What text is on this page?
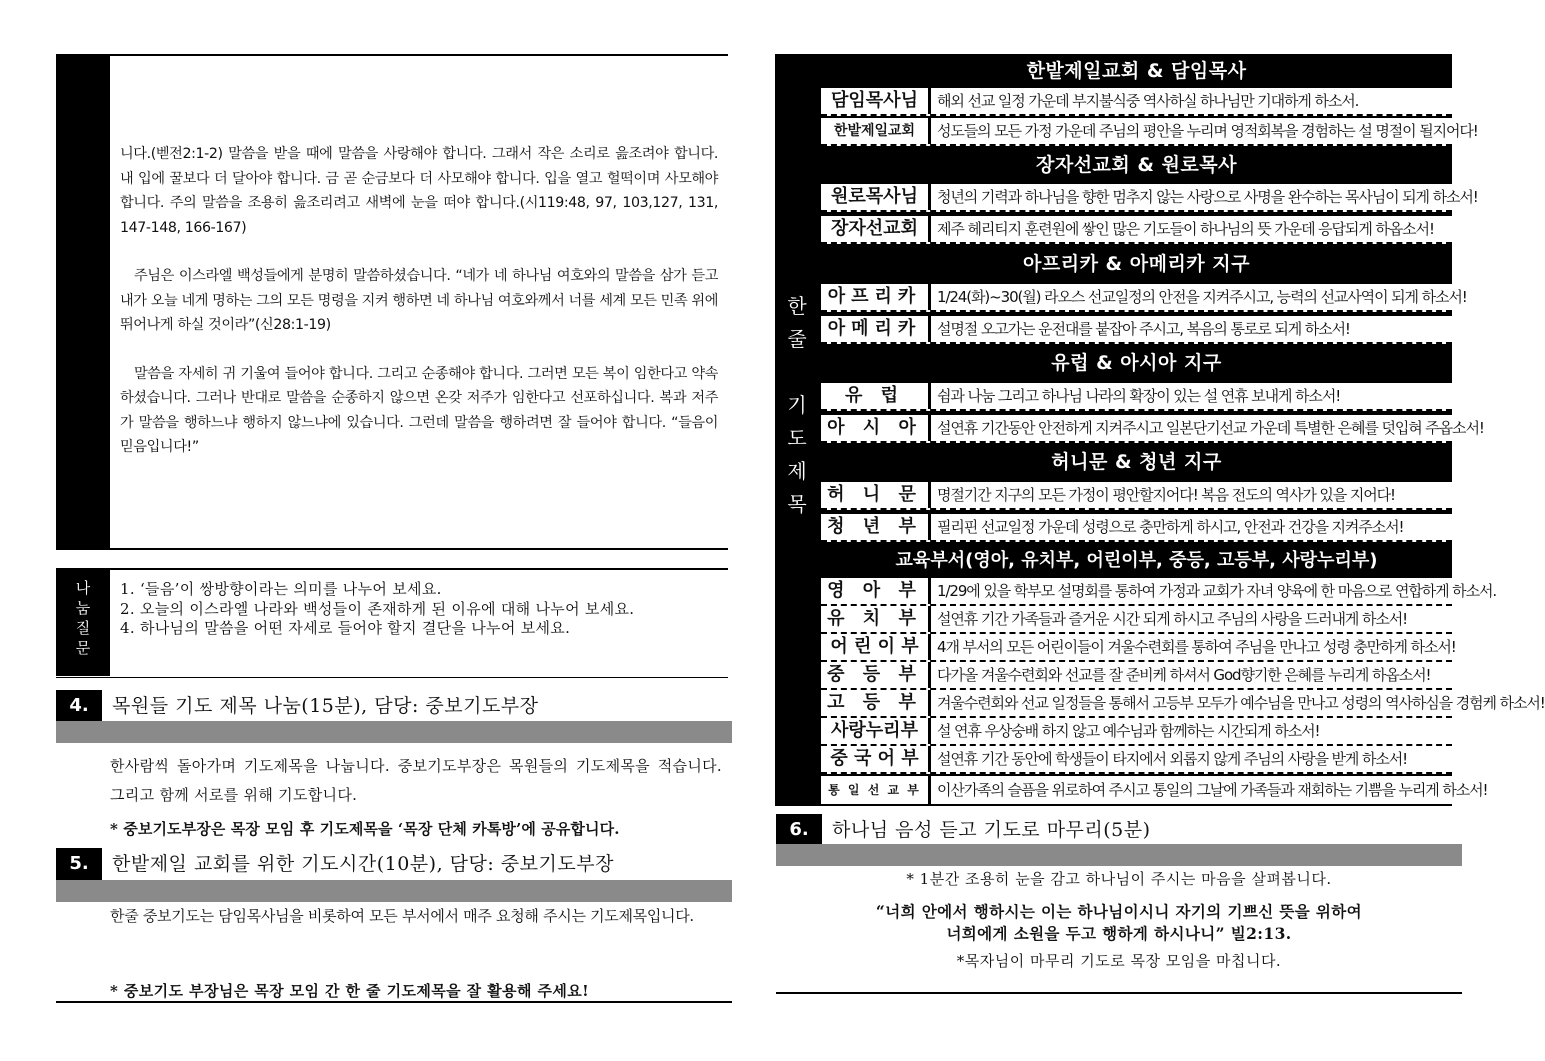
니다.(벧전2:1-2) 말씀을 받을 때에 말씀을 사랑해야 합니다. 그래서 작은 소리로 읊조려야 합니다. 내 입에 꿀보다 더 달아야 합니다. 금 곧 순금보다 더 사모해야 합니다. 입을 열고 헐떡이며 사모해야 합니다. 주의 말씀을 조용히 읊조리려고 새벽에 눈을 떠야 합니다.(시119:48, 97, 103,127, 131, 147-148, 166-167)

주님은 이스라엘 백성들에게 분명히 말씀하셨습니다. “네가 네 하나님 여호와의 말씀을 삼가 듣고 내가 오늘 네게 명하는 그의 모든 명령을 지켜 행하면 네 하나님 여호와께서 너를 세계 모든 민족 위에 뛰어나게 하실 것이라”(신28:1-19)

말씀을 자세히 귀 기울여 들어야 합니다. 그리고 순종해야 합니다. 그러면 모든 복이 임한다고 약속하셨습니다. 그러나 반대로 말씀을 순종하지 않으면 온갖 저주가 임한다고 선포하십니다. 복과 저주가 말씀을 행하느냐 행하지 않느냐에 있습니다. 그런데 말씀을 행하려면 잘 들어야 합니다. “들음이 믿음입니다!”

나
눔
질
문
1. ‘들음’이 쌍방향이라는 의미를 나누어 보세요.
2. 오늘의 이스라엘 나라와 백성들이 존재하게 된 이유에 대해 나누어 보세요.
4. 하나님의 말씀을 어떤 자세로 들어야 할지 결단을 나누어 보세요.
4.	목원들 기도 제목 나눔(15분), 담당: 중보기도부장
한사람씩 돌아가며 기도제목을 나눕니다. 중보기도부장은 목원들의 기도제목을 적습니다. 그리고 함께 서로를 위해 기도합니다.
* 중보기도부장은 목장 모임 후 기도제목을 ‘목장 단체 카톡방’에 공유합니다.
5.	한밭제일 교회를 위한 기도시간(10분), 담당: 중보기도부장
한줄 중보기도는 담임목사님을 비롯하여 모든 부서에서 매주 요청해 주시는 기도제목입니다.
* 중보기도 부장님은 목장 모임 간 한 줄 기도제목을 잘 활용해 주세요!
한
줄
기
도
제
목
한밭제일교회 & 담임목사
담임목사님	해외 선교 일정 가운데 부지불식중 역사하실 하나님만 기대하게 하소서.
한밭제일교회	성도들의 모든 가정 가운데 주님의 평안을 누리며 영적회복을 경험하는 설 명절이 될지어다!
장자선교회 & 원로목사
원로목사님	청년의 기력과 하나님을 향한 멈추지 않는 사랑으로 사명을 완수하는 목사님이 되게 하소서!
장자선교회	제주 헤리티지 훈련원에 쌓인 많은 기도들이 하나님의 뜻 가운데 응답되게 하옵소서!
아프리카 & 아메리카 지구
아프리카	1/24(화)~30(월) 라오스 선교일정의 안전을 지켜주시고, 능력의 선교사역이 되게 하소서!
아메리카	설명절 오고가는 운전대를 붙잡아 주시고, 복음의 통로로 되게 하소서!
유럽 & 아시아 지구
유 럽	쉼과 나눔 그리고 하나님 나라의 확장이 있는 설 연휴 보내게 하소서!
아 시 아	설연휴 기간동안 안전하게 지켜주시고 일본단기선교 가운데 특별한 은혜를 덧입혀 주옵소서!
허니문 & 청년 지구
허 니 문	명절기간 지구의 모든 가정이 평안할지어다! 복음 전도의 역사가 있을 지어다!
청 년 부	필리핀 선교일정 가운데 성령으로 충만하게 하시고, 안전과 건강을 지켜주소서!
교육부서(영아, 유치부, 어린이부, 중등, 고등부, 사랑누리부)
영 아 부	1/29에 있을 학부모 설명회를 통하여 가정과 교회가 자녀 양육에 한 마음으로 연합하게 하소서.
유 치 부	설연휴 기간 가족들과 즐거운 시간 되게 하시고 주님의 사랑을 드러내게 하소서!
어 린 이 부	4개 부서의 모든 어린이들이 겨울수련회를 통하여 주님을 만나고 성령 충만하게 하소서!
중 등 부	다가올 겨울수련회와 선교를 잘 준비케 하셔서 God향기한 은혜를 누리게 하옵소서!
고 등 부	겨울수련회와 선교 일정들을 통해서 고등부 모두가 예수님을 만나고 성령의 역사하심을 경험케 하소서!
사랑누리부	설 연휴 우상숭배 하지 않고 예수님과 함께하는 시간되게 하소서!
중 국 어 부	설연휴 기간 동안에 학생들이 타지에서 외롭지 않게 주님의 사랑을 받게 하소서!
통 일 선 교 부	이산가족의 슬픔을 위로하여 주시고 통일의 그날에 가족들과 재회하는 기쁨을 누리게 하소서!
6.	하나님 음성 듣고 기도로 마무리(5분)
* 1분간 조용히 눈을 감고 하나님이 주시는 마음을 살펴봅니다.
“너희 안에서 행하시는 이는 하나님이시니 자기의 기쁘신 뜻을 위하여
너희에게 소원을 두고 행하게 하시나니” 빌2:13.
*목자님이 마무리 기도로 목장 모임을 마칩니다.
